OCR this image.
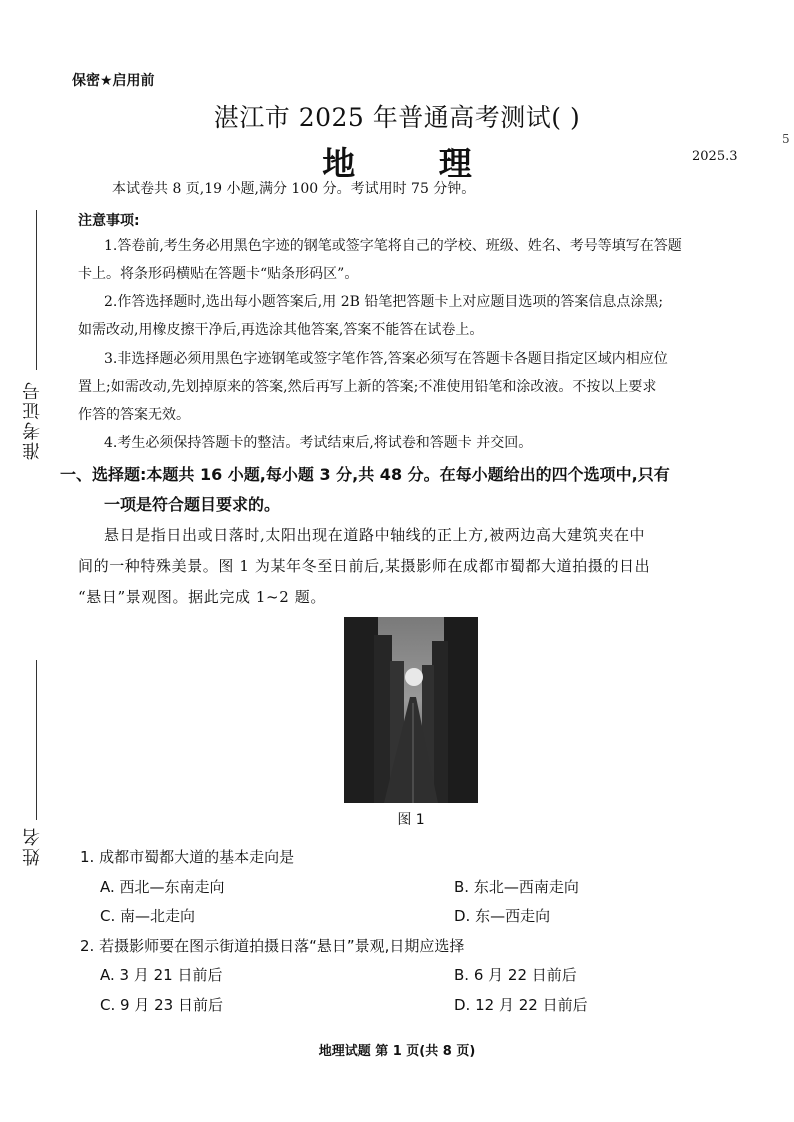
准考证号
姓名
保密★启用前
湛江市 2025 年普通高考测试( )
地 理	2025.3
5
本试卷共 8 页,19 小题,满分 100 分。考试用时 75 分钟。
注意事项:
1.答卷前,考生务必用黑色字迹的钢笔或签字笔将自己的学校、班级、姓名、考号等填写在答题
卡上。将条形码横贴在答题卡“贴条形码区”。
2.作答选择题时,选出每小题答案后,用 2B 铅笔把答题卡上对应题目选项的答案信息点涂黑;
如需改动,用橡皮擦干净后,再选涂其他答案,答案不能答在试卷上。
3.非选择题必须用黑色字迹钢笔或签字笔作答,答案必须写在答题卡各题目指定区域内相应位
置上;如需改动,先划掉原来的答案,然后再写上新的答案;不准使用铅笔和涂改液。不按以上要求
作答的答案无效。
4.考生必须保持答题卡的整洁。考试结束后,将试卷和答题卡 并交回。
一、选择题:本题共 16 小题,每小题 3 分,共 48 分。在每小题给出的四个选项中,只有
一项是符合题目要求的。
悬日是指日出或日落时,太阳出现在道路中轴线的正上方,被两边高大建筑夹在中
间的一种特殊美景。图 1 为某年冬至日前后,某摄影师在成都市蜀都大道拍摄的日出
“悬日”景观图。据此完成 1~2 题。
图 1
1. 成都市蜀都大道的基本走向是
A. 西北—东南走向	B. 东北—西南走向
C. 南—北走向	D. 东—西走向
2. 若摄影师要在图示街道拍摄日落“悬日”景观,日期应选择
A. 3 月 21 日前后	B. 6 月 22 日前后
C. 9 月 23 日前后	D. 12 月 22 日前后
地理试题 第 1 页(共 8 页)
